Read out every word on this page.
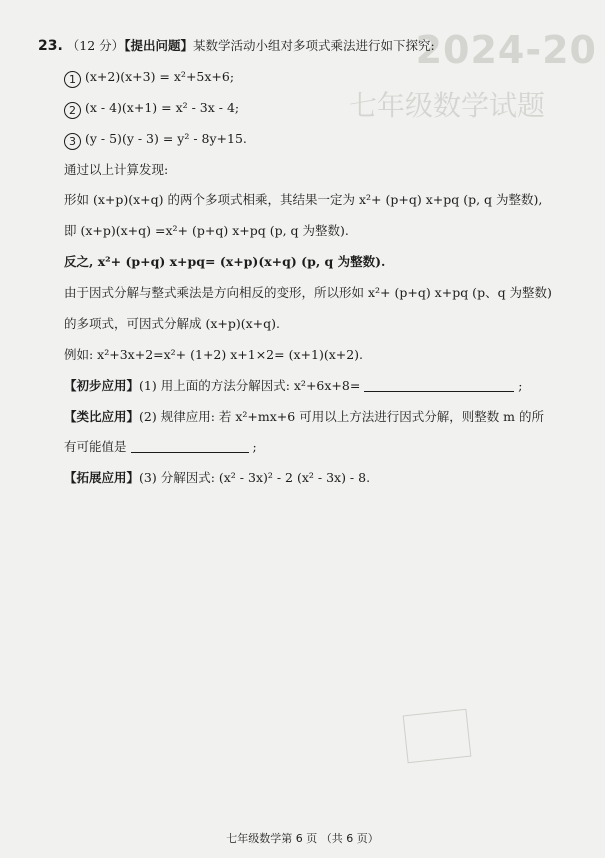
2024-20
七年级数学试题
23. （12 分）【提出问题】某数学活动小组对多项式乘法进行如下探究:
1 (x+2)(x+3) = x²+5x+6;
2 (x - 4)(x+1) = x² - 3x - 4;
3 (y - 5)(y - 3) = y² - 8y+15.
通过以上计算发现:
形如 (x+p)(x+q) 的两个多项式相乘，其结果一定为 x²+ (p+q) x+pq (p, q 为整数),
即 (x+p)(x+q) =x²+ (p+q) x+pq (p, q 为整数).
反之, x²+ (p+q) x+pq= (x+p)(x+q) (p, q 为整数).
由于因式分解与整式乘法是方向相反的变形，所以形如 x²+ (p+q) x+pq (p、q 为整数)
的多项式，可因式分解成 (x+p)(x+q).
例如: x²+3x+2=x²+ (1+2) x+1×2= (x+1)(x+2).
【初步应用】(1) 用上面的方法分解因式: x²+6x+8=	;
【类比应用】(2) 规律应用: 若 x²+mx+6 可用以上方法进行因式分解，则整数 m 的所
有可能值是	;
【拓展应用】(3) 分解因式: (x² - 3x)² - 2 (x² - 3x) - 8.
七年级数学第 6 页 （共 6 页）
